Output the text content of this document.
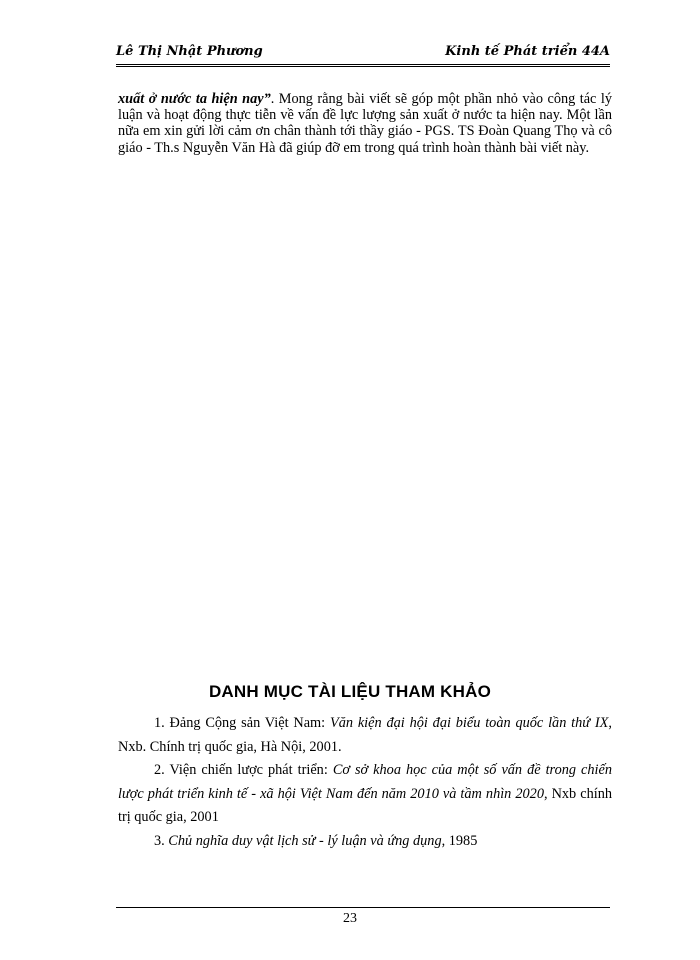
Lê Thị Nhật Phương	Kinh tế Phát triển 44A
xuất ở nước ta hiện nay”. Mong rằng bài viết sẽ góp một phần nhỏ vào công tác lý luận và hoạt động thực tiễn về vấn đề lực lượng sản xuất ở nước ta hiện nay. Một lần nữa em xin gửi lời cảm ơn chân thành tới thầy giáo - PGS. TS Đoàn Quang Thọ và cô giáo - Th.s Nguyễn Văn Hà đã giúp đỡ em trong quá trình hoàn thành bài viết này.
DANH MỤC TÀI LIỆU THAM KHẢO

1. Đảng Cộng sản Việt Nam: Văn kiện đại hội đại biểu toàn quốc lần thứ IX, Nxb. Chính trị quốc gia, Hà Nội, 2001.

2. Viện chiến lược phát triển: Cơ sở khoa học của một số vấn đề trong chiến lược phát triển kinh tế - xã hội Việt Nam đến năm 2010 và tầm nhìn 2020, Nxb chính trị quốc gia, 2001

3. Chủ nghĩa duy vật lịch sử - lý luận và ứng dụng, 1985

23
